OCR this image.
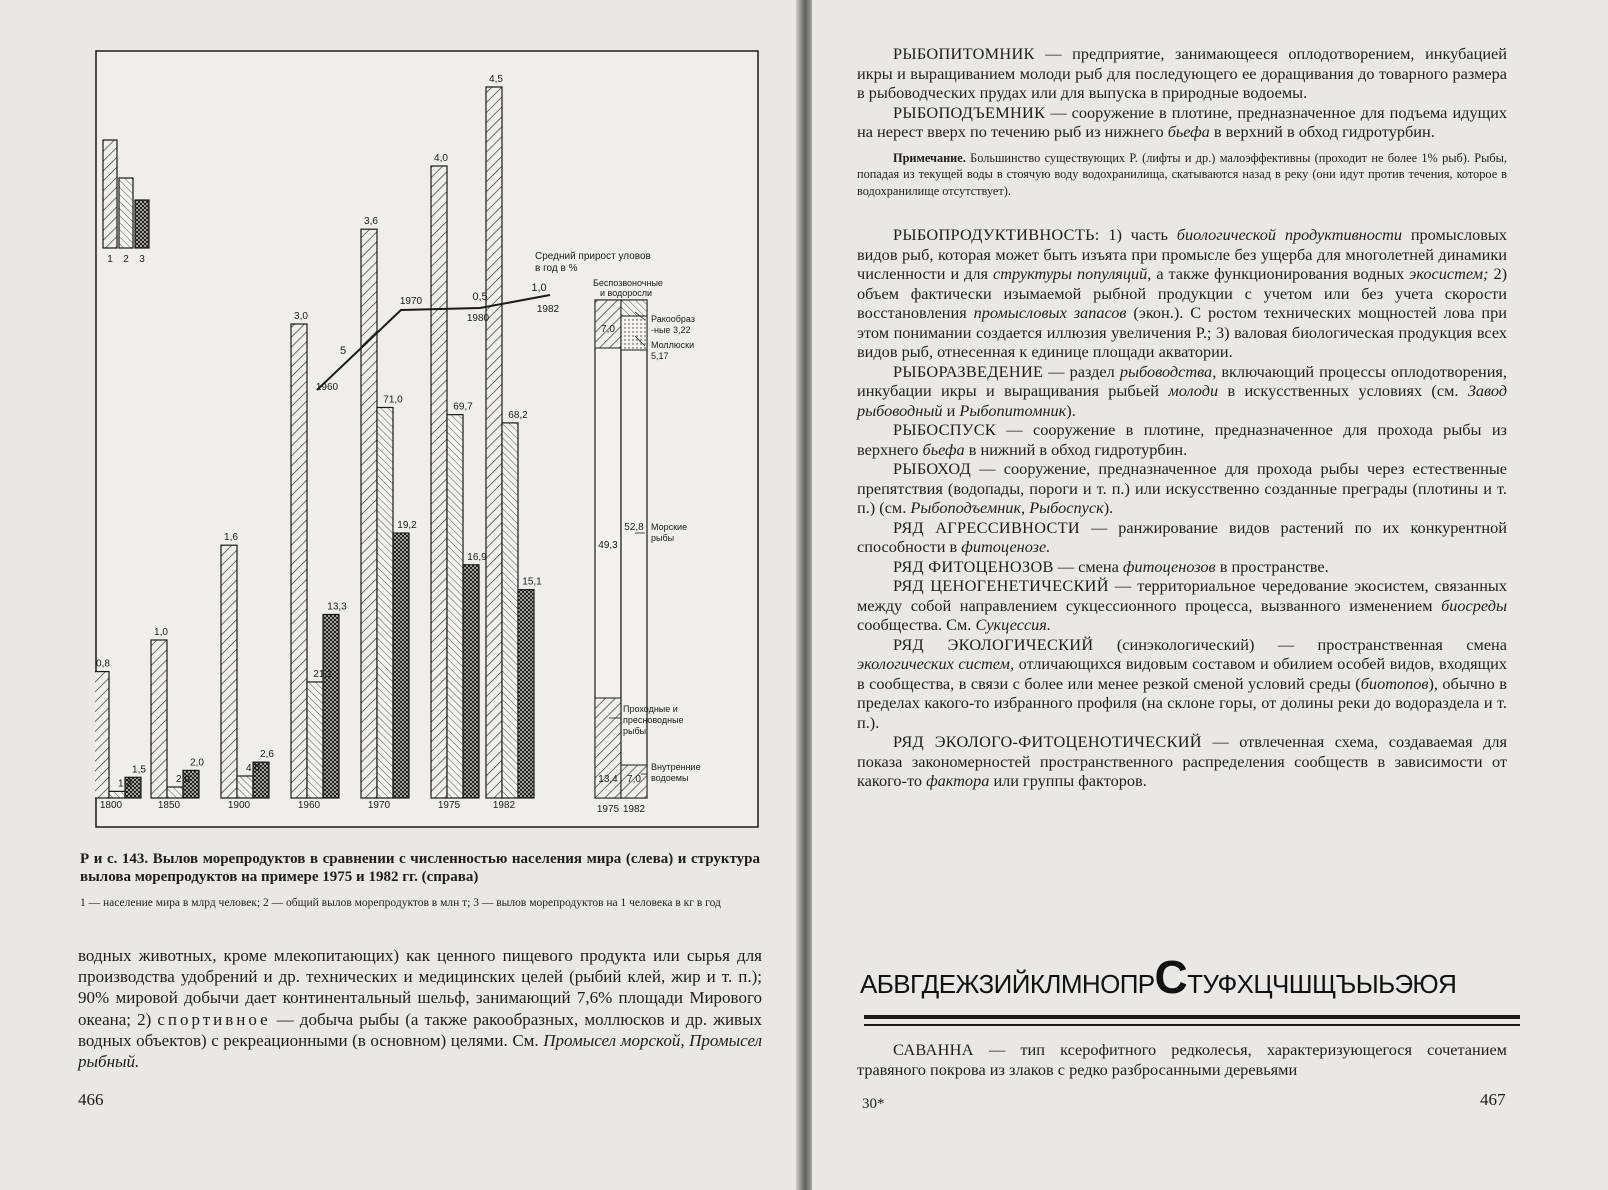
0,8
1,2
1,5
1800
1,0
2,0
2,0
1850
1,6
4,0
2,6
1900
3,0
21,1
13,3
1960
3,6
71,0
19,2
1970
4,0
69,7
16,9
1975
4,5
68,2
15,1
1982
1 2 3
1960
1970
1980
1982
5
0,5
1,0
Средний прирост уловов
в год в %
1975 1982
7,0
49,3
52,8
13,4 7,0
Беспозвоночные
и водоросли
Ракообраз
-ные 3,22
Моллюски
5,17
Морские
рыбы
Проходные и
пресноводные
рыбы
Внутренние
водоемы
Р и с. 143. Вылов морепродуктов в сравнении с численностью населения мира (слева) и структура вылова морепродуктов на примере 1975 и 1982 гг. (справа)
1 — население мира в млрд человек; 2 — общий вылов морепродуктов в млн т; 3 — вылов морепродуктов на 1 человека в кг в год
водных животных, кроме млекопитающих) как ценного пищевого продукта или сырья для производства удобрений и др. технических и медицинских целей (рыбий клей, жир и т. п.); 90% мировой добычи дает континентальный шельф, занимающий 7,6% площади Мирового океана; 2) спортивное — добыча рыбы (а также ракообразных, моллюсков и др. живых водных объектов) с рекреационными (в основном) целями. См. Промысел морской, Промысел рыбный.
466

РЫБОПИТОМНИК — предприятие, занимающееся оплодотворением, инкубацией икры и выращиванием молоди рыб для последующего ее доращивания до товарного размера в рыбоводческих прудах или для выпуска в природные водоемы.

РЫБОПОДЪЕМНИК — сооружение в плотине, предназначенное для подъема идущих на нерест вверх по течению рыб из нижнего бьефа в верхний в обход гидротурбин.

Примечание. Большинство существующих Р. (лифты и др.) малоэффективны (проходит не более 1% рыб). Рыбы, попадая из текущей воды в стоячую воду водохранилища, скатываются назад в реку (они идут против течения, которое в водохранилище отсутствует).

РЫБОПРОДУКТИВНОСТЬ: 1) часть биологической продуктивности промысловых видов рыб, которая может быть изъята при промысле без ущерба для многолетней динамики численности и для структуры популяций, а также функционирования водных экосистем; 2) объем фактически изымаемой рыбной продукции с учетом или без учета скорости восстановления промысловых запасов (экон.). С ростом технических мощностей лова при этом понимании создается иллюзия увеличения Р.; 3) валовая биологическая продукция всех видов рыб, отнесенная к единице площади акватории.

РЫБОРАЗВЕДЕНИЕ — раздел рыбоводства, включающий процессы оплодотворения, инкубации икры и выращивания рыбьей молоди в искусственных условиях (см. Завод рыбоводный и Рыбопитомник).

РЫБОСПУСК — сооружение в плотине, предназначенное для прохода рыбы из верхнего бьефа в нижний в обход гидротурбин.

РЫБОХОД — сооружение, предназначенное для прохода рыбы через естественные препятствия (водопады, пороги и т. п.) или искусственно созданные преграды (плотины и т. п.) (см. Рыбоподъемник, Рыбоспуск).

РЯД АГРЕССИВНОСТИ — ранжирование видов растений по их конкурентной способности в фитоценозе.

РЯД ФИТОЦЕНОЗОВ — смена фитоценозов в пространстве.

РЯД ЦЕНОГЕНЕТИЧЕСКИЙ — территориальное чередование экосистем, связанных между собой направлением сукцессионного процесса, вызванного изменением биосреды сообщества. См. Сукцессия.

РЯД ЭКОЛОГИЧЕСКИЙ (синэкологический) — пространственная смена экологических систем, отличающихся видовым составом и обилием особей видов, входящих в сообщества, в связи с более или менее резкой сменой условий среды (биотопов), обычно в пределах какого-то избранного профиля (на склоне горы, от долины реки до водораздела и т. п.).

РЯД ЭКОЛОГО-ФИТОЦЕНОТИЧЕСКИЙ — отвлеченная схема, создаваемая для показа закономерностей пространственного распределения сообществ в зависимости от какого-то фактора или группы факторов.

АБВГДЕЖЗИЙКЛМНОПРСТУФХЦЧШЩЪЫЬЭЮЯ

САВАННА — тип ксерофитного редколесья, характеризующегося сочетанием травяного покрова из злаков с редко разбросанными деревьями

30*	467
